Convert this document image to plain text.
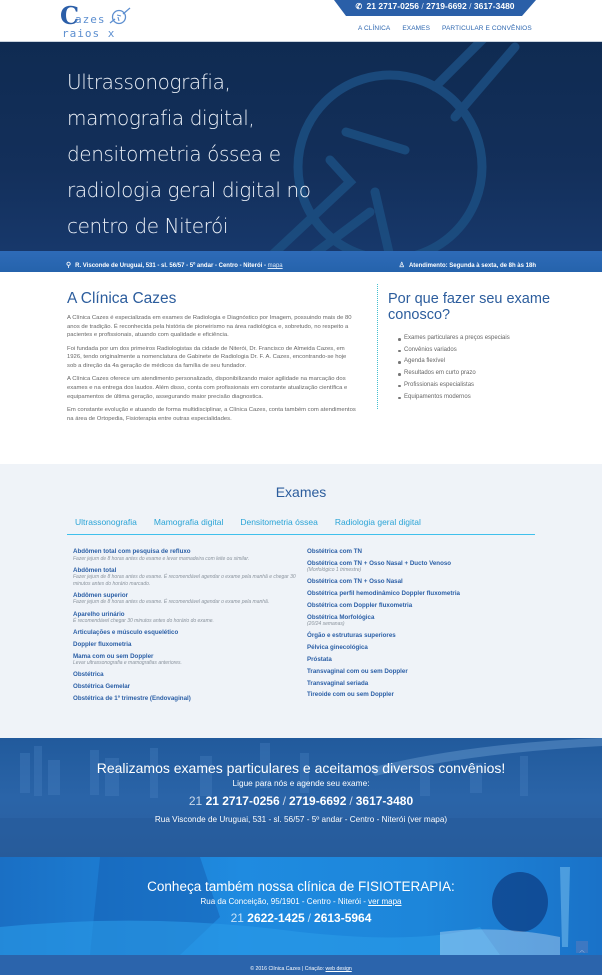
C
azes
raios x
✆ 21 2717-0256 / 2719-6692 / 3617-3480
A CLÍNICA EXAMES PARTICULAR E CONVÊNIOS
Ultrassonografia, mamografia digital, densitometria óssea e radiologia geral digital no centro de Niterói
⚲ R. Visconde de Uruguai, 531 - sl. 56/57 - 5º andar - Centro - Niterói - mapa	♙ Atendimento: Segunda à sexta, de 8h às 18h
A Clínica Cazes

A Clínica Cazes é especializada em exames de Radiologia e Diagnóstico por Imagem, possuindo mais de 80 anos de tradição. É reconhecida pela história de pioneirismo na área radiológica e, sobretudo, no respeito a pacientes e profissionais, atuando com qualidade e eficiência.

Foi fundada por um dos primeiros Radiologistas da cidade de Niterói, Dr. Francisco de Almeida Cazes, em 1926, tendo originalmente a nomenclatura de Gabinete de Radiologia Dr. F. A. Cazes, encontrando-se hoje sob a direção da 4a geração de médicos da família de seu fundador.

A Clínica Cazes oferece um atendimento personalizado, disponibilizando maior agilidade na marcação dos exames e na entrega dos laudos. Além disso, conta com profissionais em constante atualização científica e equipamentos de última geração, assegurando maior precisão diagnostica.

Em constante evolução e atuando de forma multidisciplinar, a Clínica Cazes, conta também com atendimentos na área de Ortopedia, Fisioterapia entre outras especialidades.

Por que fazer seu exame conosco?
Exames particulares a preços especiais
Convênios variados
Agenda flexível
Resultados em curto prazo
Profissionais especialistas
Equipamentos modernos
Exames
Ultrassonografia	Mamografia digital	Densitometria óssea	Radiologia geral digital
Abdômen total com pesquisa de refluxo
Fazer jejum de 8 horas antes do exame e levar mamadeira com leite ou similar.
Abdômen total
Fazer jejum de 8 horas antes do exame. É recomendável agendar o exame pela manhã e chegar 30 minutos antes do horário marcado.
Abdômen superior
Fazer jejum de 8 horas antes do exame. É recomendável agendar o exame pela manhã.
Aparelho urinário
É recomendável chegar 30 minutos antes do horário do exame.
Articulações e músculo esquelético
Doppler fluxometria
Mama com ou sem Doppler
Levar ultrassonografia e mamografias anteriores.
Obstétrica
Obstétrica Gemelar
Obstétrica de 1º trimestre (Endovaginal)
Obstétrica com TN
Obstétrica com TN + Osso Nasal + Ducto Venoso
(Morfológico 1 trimestre)
Obstétrica com TN + Osso Nasal
Obstétrica perfil hemodinâmico Doppler fluxometria
Obstétrica com Doppler fluxometria
Obstétrica Morfológica
(20/24 semanas)
Órgão e estruturas superiores
Pélvica ginecológica
Próstata
Transvaginal com ou sem Doppler
Transvaginal seriada
Tireoide com ou sem Doppler
Realizamos exames particulares e aceitamos diversos convênios!
Ligue para nós e agende seu exame:
21 21 2717-0256 / 2719-6692 / 3617-3480
Rua Visconde de Uruguai, 531 - sl. 56/57 - 5º andar - Centro - Niterói (ver mapa)
Conheça também nossa clínica de FISIOTERAPIA:
Rua da Conceição, 95/1901 - Centro - Niterói - ver mapa
21 2622-1425 / 2613-5964
© 2016 Clínica Cazes | Criação: web design
︿
